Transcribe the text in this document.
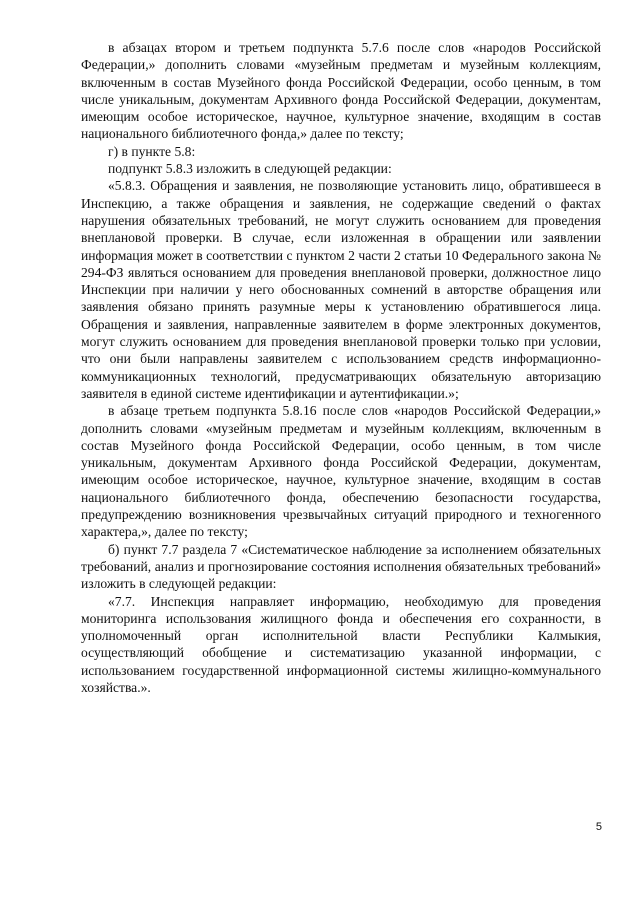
в абзацах втором и третьем подпункта 5.7.6 после слов «народов Российской Федерации,» дополнить словами «музейным предметам и музейным коллекциям, включенным в состав Музейного фонда Российской Федерации, особо ценным, в том числе уникальным, документам Архивного фонда Российской Федерации, документам, имеющим особое историческое, научное, культурное значение, входящим в состав национального библиотечного фонда,» далее по тексту;

г) в пункте 5.8:

подпункт 5.8.3 изложить в следующей редакции:

«5.8.3. Обращения и заявления, не позволяющие установить лицо, обратившееся в Инспекцию, а также обращения и заявления, не содержащие сведений о фактах нарушения обязательных требований, не могут служить основанием для проведения внеплановой проверки. В случае, если изложенная в обращении или заявлении информация может в соответствии с пунктом 2 части 2 статьи 10 Федерального закона № 294-ФЗ являться основанием для проведения внеплановой проверки, должностное лицо Инспекции при наличии у него обоснованных сомнений в авторстве обращения или заявления обязано принять разумные меры к установлению обратившегося лица. Обращения и заявления, направленные заявителем в форме электронных документов, могут служить основанием для проведения внеплановой проверки только при условии, что они были направлены заявителем с использованием средств информационно-коммуникационных технологий, предусматривающих обязательную авторизацию заявителя в единой системе идентификации и аутентификации.»;

в абзаце третьем подпункта 5.8.16 после слов «народов Российской Федерации,» дополнить словами «музейным предметам и музейным коллекциям, включенным в состав Музейного фонда Российской Федерации, особо ценным, в том числе уникальным, документам Архивного фонда Российской Федерации, документам, имеющим особое историческое, научное, культурное значение, входящим в состав национального библиотечного фонда, обеспечению безопасности государства, предупреждению возникновения чрезвычайных ситуаций природного и техногенного характера,», далее по тексту;

б) пункт 7.7 раздела 7 «Систематическое наблюдение за исполнением обязательных требований, анализ и прогнозирование состояния исполнения обязательных требований» изложить в следующей редакции:

«7.7. Инспекция направляет информацию, необходимую для проведения мониторинга использования жилищного фонда и обеспечения его сохранности, в уполномоченный орган исполнительной власти Республики Калмыкия, осуществляющий обобщение и систематизацию указанной информации, с использованием государственной информационной системы жилищно-коммунального хозяйства.».

5
